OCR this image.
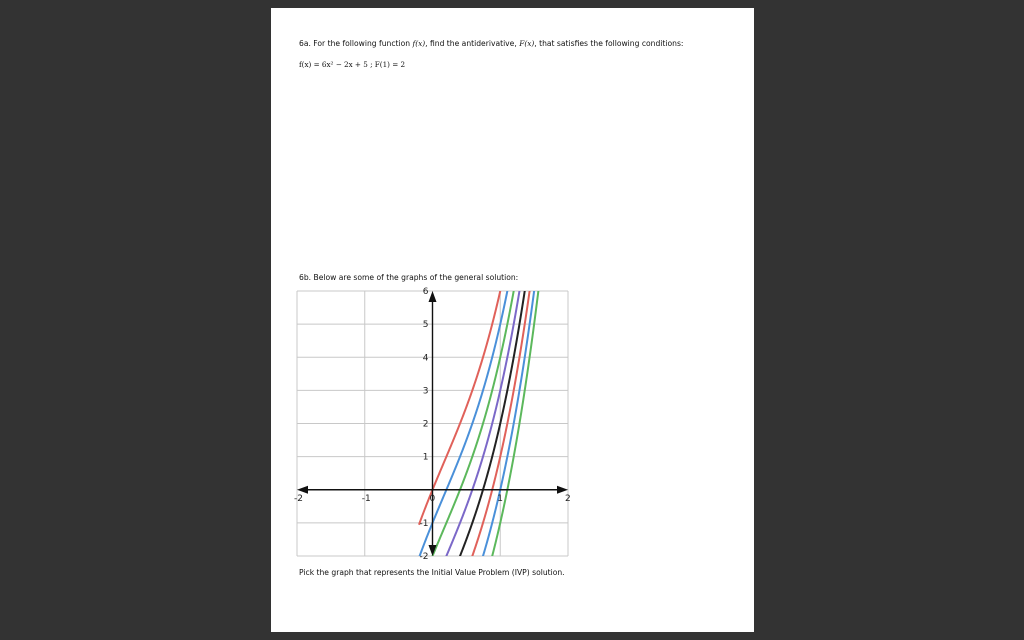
6a. For the following function f(x), find the antiderivative, F(x), that satisfies the following conditions:
f(x) = 6x² − 2x + 5 ; F(1) = 2
6b. Below are some of the graphs of the general solution:
-2	-1	0	1	2
-2
-1
1
2
3
4
5
6
Pick the graph that represents the Initial Value Problem (IVP) solution.
